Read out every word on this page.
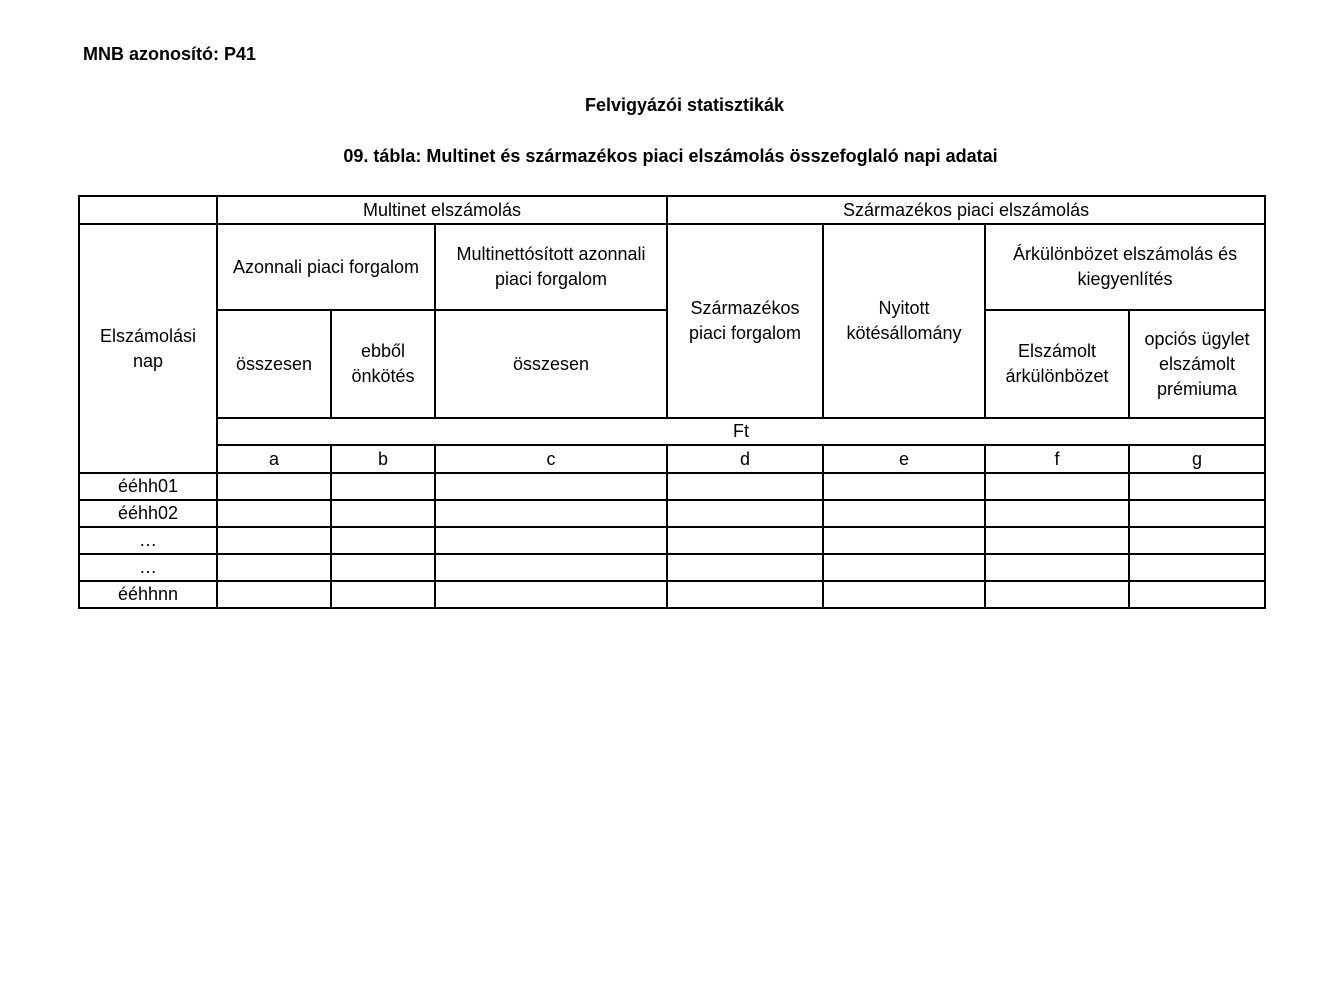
MNB azonosító: P41
Felvigyázói statisztikák
09. tábla: Multinet és származékos piaci elszámolás összefoglaló napi adatai
	Multinet elszámolás			Származékos piaci elszámolás			
Elszámolási nap	Azonnali piaci forgalom		Multinettósított azonnali piaci forgalom	Származékos piaci forgalom	Nyitott kötésállomány	Árkülönbözet elszámolás és kiegyenlítés	
	összesen	ebből önkötés	összesen			Elszámolt árkülönbözet	opciós ügylet elszámolt prémiuma
	Ft						
	a	b	c	d	e	f	g
ééhh01							
ééhh02							
…							
…							
ééhhnn							
